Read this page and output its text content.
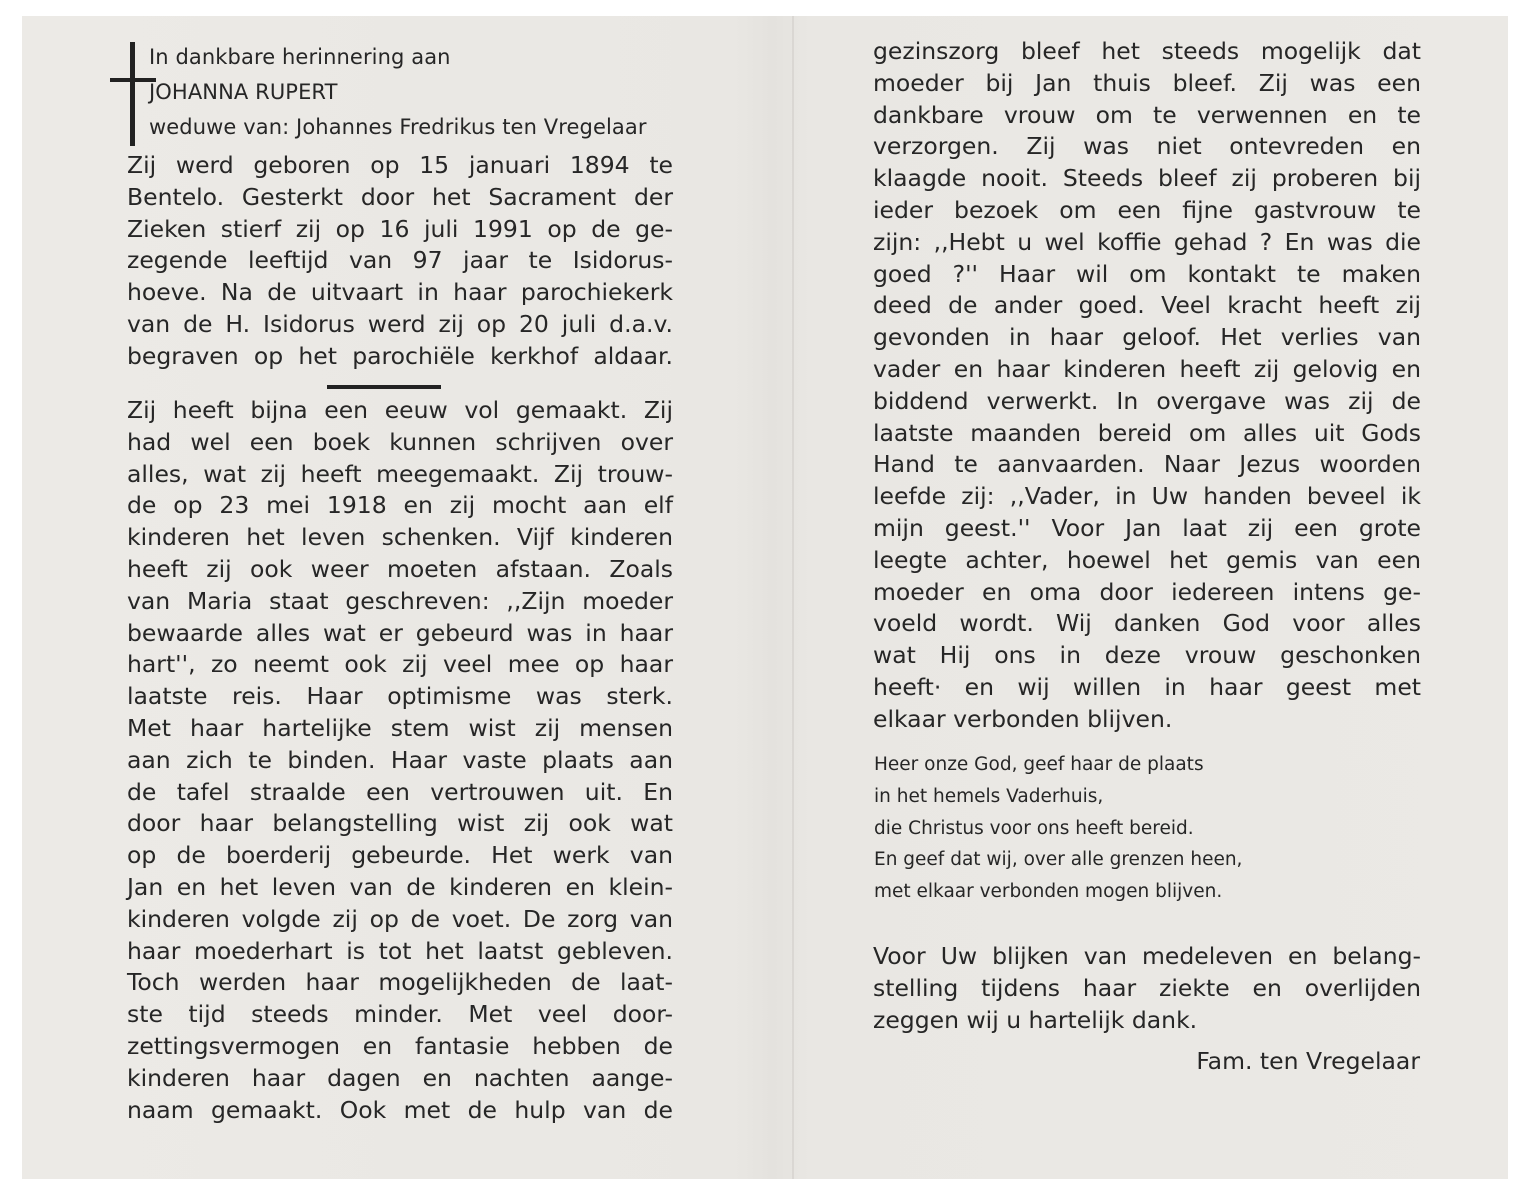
In dankbare herinnering aan
JOHANNA RUPERT
weduwe van: Johannes Fredrikus ten Vregelaar
Zij werd geboren op 15 januari 1894 te
Bentelo. Gesterkt door het Sacrament der
Zieken stierf zij op 16 juli 1991 op de ge-
zegende leeftijd van 97 jaar te Isidorus-
hoeve. Na de uitvaart in haar parochiekerk
van de H. Isidorus werd zij op 20 juli d.a.v.
begraven op het parochiële kerkhof aldaar.
Zij heeft bijna een eeuw vol gemaakt. Zij
had wel een boek kunnen schrijven over
alles, wat zij heeft meegemaakt. Zij trouw-
de op 23 mei 1918 en zij mocht aan elf
kinderen het leven schenken. Vijf kinderen
heeft zij ook weer moeten afstaan. Zoals
van Maria staat geschreven: ,,Zijn moeder
bewaarde alles wat er gebeurd was in haar
hart'', zo neemt ook zij veel mee op haar
laatste reis. Haar optimisme was sterk.
Met haar hartelijke stem wist zij mensen
aan zich te binden. Haar vaste plaats aan
de tafel straalde een vertrouwen uit. En
door haar belangstelling wist zij ook wat
op de boerderij gebeurde. Het werk van
Jan en het leven van de kinderen en klein-
kinderen volgde zij op de voet. De zorg van
haar moederhart is tot het laatst gebleven.
Toch werden haar mogelijkheden de laat-
ste tijd steeds minder. Met veel door-
zettingsvermogen en fantasie hebben de
kinderen haar dagen en nachten aange-
naam gemaakt. Ook met de hulp van de
gezinszorg bleef het steeds mogelijk dat
moeder bij Jan thuis bleef. Zij was een
dankbare vrouw om te verwennen en te
verzorgen. Zij was niet ontevreden en
klaagde nooit. Steeds bleef zij proberen bij
ieder bezoek om een fijne gastvrouw te
zijn: ,,Hebt u wel koffie gehad ? En was die
goed ?'' Haar wil om kontakt te maken
deed de ander goed. Veel kracht heeft zij
gevonden in haar geloof. Het verlies van
vader en haar kinderen heeft zij gelovig en
biddend verwerkt. In overgave was zij de
laatste maanden bereid om alles uit Gods
Hand te aanvaarden. Naar Jezus woorden
leefde zij: ,,Vader, in Uw handen beveel ik
mijn geest.'' Voor Jan laat zij een grote
leegte achter, hoewel het gemis van een
moeder en oma door iedereen intens ge-
voeld wordt. Wij danken God voor alles
wat Hij ons in deze vrouw geschonken
heeft· en wij willen in haar geest met
elkaar verbonden blijven.
Heer onze God, geef haar de plaats
in het hemels Vaderhuis,
die Christus voor ons heeft bereid.
En geef dat wij, over alle grenzen heen,
met elkaar verbonden mogen blijven.
Voor Uw blijken van medeleven en belang-
stelling tijdens haar ziekte en overlijden
zeggen wij u hartelijk dank.
Fam. ten Vregelaar
